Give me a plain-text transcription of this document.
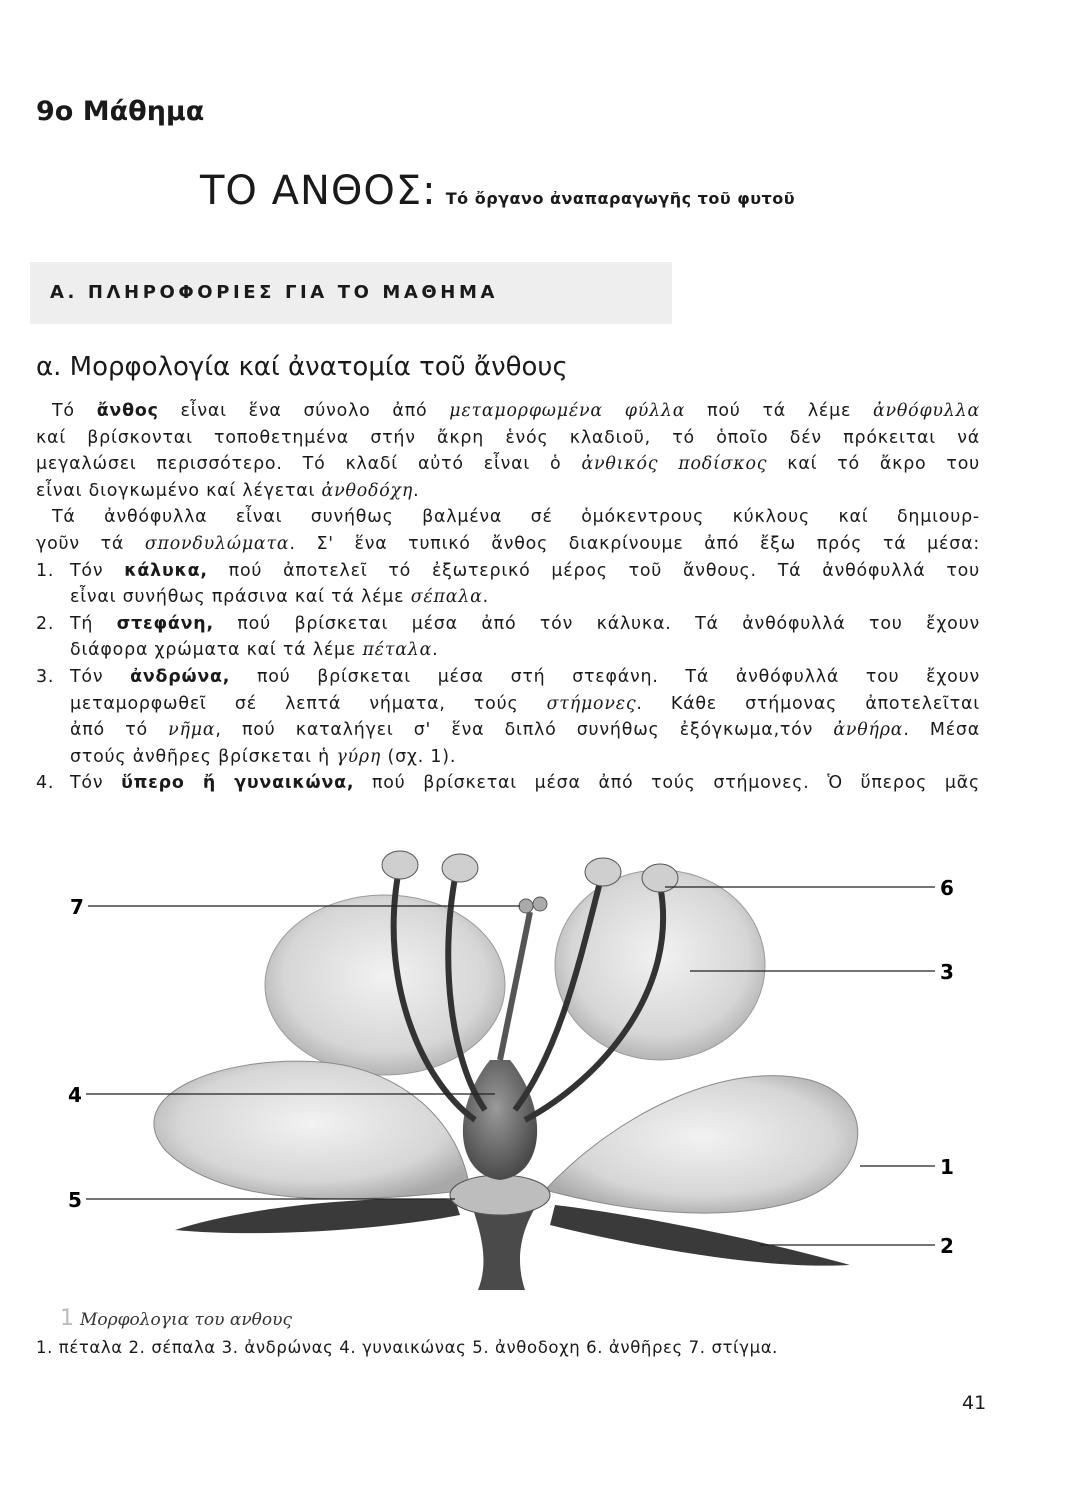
9ο Μάθημα
ΤΟ ΑΝΘΟΣ: Τό ὄργανο ἀναπαραγωγῆς τοῦ φυτοῦ
Α. ΠΛΗΡΟΦΟΡΙΕΣ ΓΙΑ ΤΟ ΜΑΘΗΜΑ
α. Μορφολογία καί ἀνατομία τοῦ ἄνθους

Τό ἄνθος εἶναι ἕνα σύνολο ἀπό μεταμορφωμένα φύλλα πού τά λέμε ἀνθόφυλλα

καί βρίσκονται τοποθετημένα στήν ἄκρη ἑνός κλαδιοῦ, τό ὁποῖο δέν πρόκειται νά

μεγαλώσει περισσότερο. Τό κλαδί αὐτό εἶναι ὁ ἀνθικός ποδίσκος καί τό ἄκρο του

εἶναι διογκωμένο καί λέγεται ἀνθοδόχη.

Τά ἀνθόφυλλα εἶναι συνήθως βαλμένα σέ ὁμόκεντρους κύκλους καί δημιουρ-

γοῦν τά σπονδυλώματα. Σ' ἕνα τυπικό ἄνθος διακρίνουμε ἀπό ἔξω πρός τά μέσα:

1. Τόν κάλυκα, πού ἀποτελεῖ τό ἐξωτερικό μέρος τοῦ ἄνθους. Τά ἀνθόφυλλά του

εἶναι συνήθως πράσινα καί τά λέμε σέπαλα.

2. Τή στεφάνη, πού βρίσκεται μέσα ἀπό τόν κάλυκα. Τά ἀνθόφυλλά του ἔχουν

διάφορα χρώματα καί τά λέμε πέταλα.

3. Τόν ἀνδρώνα, πού βρίσκεται μέσα στή στεφάνη. Τά ἀνθόφυλλά του ἔχουν

μεταμορφωθεῖ σέ λεπτά νήματα, τούς στήμονες. Κάθε στήμονας ἀποτελεῖται

ἀπό τό νῆμα, πού καταλήγει σ' ἕνα διπλό συνήθως ἐξόγκωμα,τόν ἀνθήρα. Μέσα

στούς ἀνθῆρες βρίσκεται ἡ γύρη (σχ. 1).

4. Τόν ὕπερο ἤ γυναικώνα, πού βρίσκεται μέσα ἀπό τούς στήμονες. Ὁ ὕπερος μᾶς

7
6
3
4
1
5
2
1 Μορφολογια του ανθους
1. πέταλα 2. σέπαλα 3. ἀνδρώνας 4. γυναικώνας 5. ἀνθοδοχη 6. ἀνθῆρες 7. στίγμα.
41
